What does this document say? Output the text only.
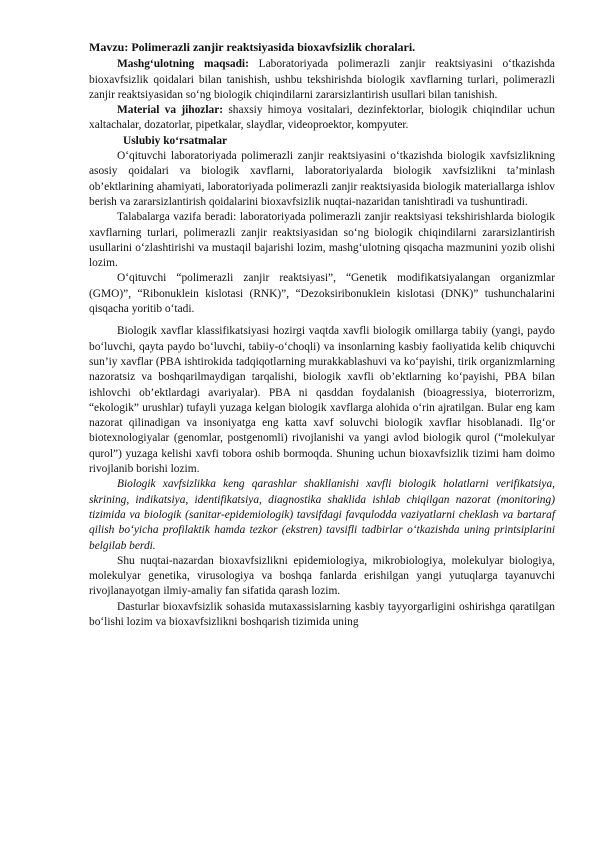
Mavzu: Polimerazli zanjir reaktsiyasida bioxavfsizlik choralari.

Mashg‘ulotning maqsadi: Laboratoriyada polimerazli zanjir reaktsiyasini o‘tkazishda bioxavfsizlik qoidalari bilan tanishish, ushbu tekshirishda biologik xavflarning turlari, polimerazli zanjir reaktsiyasidan so‘ng biologik chiqindilarni zararsizlantirish usullari bilan tanishish.

Material va jihozlar: shaxsiy himoya vositalari, dezinfektorlar, biologik chiqindilar uchun xaltachalar, dozatorlar, pipetkalar, slaydlar, videoproektor, kompyuter.

Uslubiy ko‘rsatmalar

O‘qituvchi laboratoriyada polimerazli zanjir reaktsiyasini o‘tkazishda biologik xavfsizlikning asosiy qoidalari va biologik xavflarni, laboratoriyalarda biologik xavfsizlikni ta’minlash ob’ektlarining ahamiyati, laboratoriyada polimerazli zanjir reaktsiyasida biologik materiallarga ishlov berish va zararsizlantirish qoidalarini bioxavfsizlik nuqtai-nazaridan tanishtiradi va tushuntiradi.

Talabalarga vazifa beradi: laboratoriyada polimerazli zanjir reaktsiyasi tekshirishlarda biologik xavflarning turlari, polimerazli zanjir reaktsiyasidan so‘ng biologik chiqindilarni zararsizlantirish usullarini o‘zlashtirishi va mustaqil bajarishi lozim, mashg‘ulotning qisqacha mazmunini yozib olishi lozim.

O‘qituvchi “polimerazli zanjir reaktsiyasi”, “Genetik modifikatsiyalangan organizmlar (GMO)”, “Ribonuklein kislotasi (RNK)”, “Dezoksiribonuklein kislotasi (DNK)” tushunchalarini qisqacha yoritib o‘tadi.

Biologik xavflar klassifikatsiyasi hozirgi vaqtda xavfli biologik omillarga tabiiy (yangi, paydo bo‘luvchi, qayta paydo bo‘luvchi, tabiiy-o‘choqli) va insonlarning kasbiy faoliyatida kelib chiquvchi sun’iy xavflar (PBA ishtirokida tadqiqotlarning murakkablashuvi va ko‘payishi, tirik organizmlarning nazoratsiz va boshqarilmaydigan tarqalishi, biologik xavfli ob’ektlarning ko‘payishi, PBA bilan ishlovchi ob’ektlardagi avariyalar). PBA ni qasddan foydalanish (bioagressiya, bioterrorizm, “ekologik” urushlar) tufayli yuzaga kelgan biologik xavflarga alohida o‘rin ajratilgan. Bular eng kam nazorat qilinadigan va insoniyatga eng katta xavf soluvchi biologik xavflar hisoblanadi. Ilg‘or biotexnologiyalar (genomlar, postgenomli) rivojlanishi va yangi avlod biologik qurol (“molekulyar qurol”) yuzaga kelishi xavfi tobora oshib bormoqda. Shuning uchun bioxavfsizlik tizimi ham doimo rivojlanib borishi lozim.

Biologik xavfsizlikka keng qarashlar shakllanishi xavfli biologik holatlarni verifikatsiya, skrining, indikatsiya, identifikatsiya, diagnostika shaklida ishlab chiqilgan nazorat (monitoring) tizimida va biologik (sanitar-epidemiologik) tavsifdagi favqulodda vaziyatlarni cheklash va bartaraf qilish bo‘yicha profilaktik hamda tezkor (ekstren) tavsifli tadbirlar o‘tkazishda uning printsiplarini belgilab berdi.

Shu nuqtai-nazardan bioxavfsizlikni epidemiologiya, mikrobiologiya, molekulyar biologiya, molekulyar genetika, virusologiya va boshqa fanlarda erishilgan yangi yutuqlarga tayanuvchi rivojlanayotgan ilmiy-amaliy fan sifatida qarash lozim.

Dasturlar bioxavfsizlik sohasida mutaxassislarning kasbiy tayyorgarligini oshirishga qaratilgan bo‘lishi lozim va bioxavfsizlikni boshqarish tizimida uning
